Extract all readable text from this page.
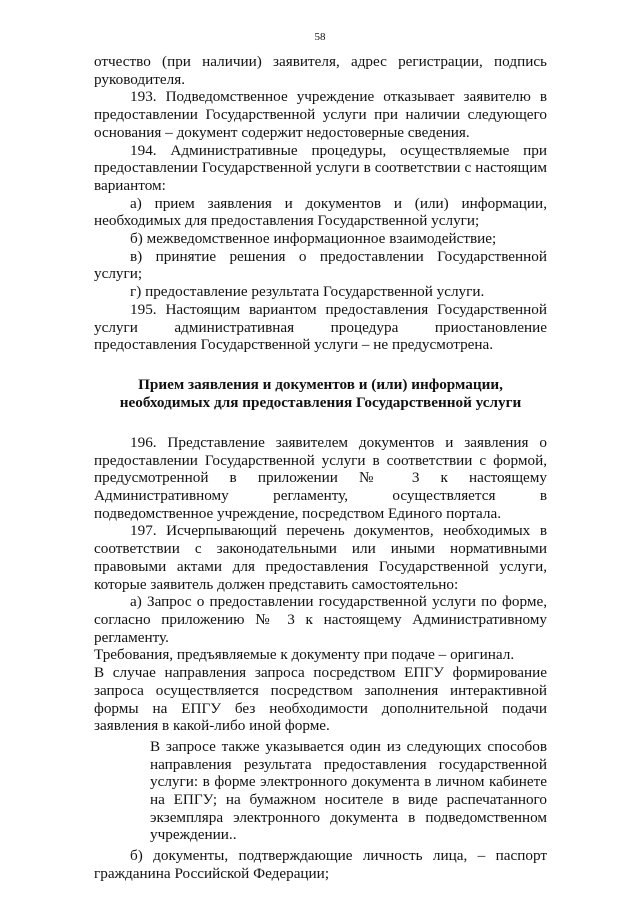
58

отчество (при наличии) заявителя, адрес регистрации, подпись руководителя.

193. Подведомственное учреждение отказывает заявителю в предоставлении Государственной услуги при наличии следующего основания – документ содержит недостоверные сведения.

194. Административные процедуры, осуществляемые при предоставлении Государственной услуги в соответствии с настоящим вариантом:

а) прием заявления и документов и (или) информации, необходимых для предоставления Государственной услуги;

б) межведомственное информационное взаимодействие;

в) принятие решения о предоставлении Государственной услуги;

г) предоставление результата Государственной услуги.

195. Настоящим вариантом предоставления Государственной услуги административная процедура приостановление предоставления Государственной услуги – не предусмотрена.

Прием заявления и документов и (или) информации,
необходимых для предоставления Государственной услуги

196. Представление заявителем документов и заявления о предоставлении Государственной услуги в соответствии с формой, предусмотренной в приложении № 3 к настоящему Административному регламенту, осуществляется в подведомственное учреждение, посредством Единого портала.

197. Исчерпывающий перечень документов, необходимых в соответствии с законодательными или иными нормативными правовыми актами для предоставления Государственной услуги, которые заявитель должен представить самостоятельно:

а) Запрос о предоставлении государственной услуги по форме, согласно приложению № 3 к настоящему Административному регламенту.

Требования, предъявляемые к документу при подаче – оригинал.

В случае направления запроса посредством ЕПГУ формирование запроса осуществляется посредством заполнения интерактивной формы на ЕПГУ без необходимости дополнительной подачи заявления в какой-либо иной форме.

В запросе также указывается один из следующих способов направления результата предоставления государственной услуги: в форме электронного документа в личном кабинете на ЕПГУ; на бумажном носителе в виде распечатанного экземпляра электронного документа в подведомственном учреждении..

б) документы, подтверждающие личность лица, – паспорт гражданина Российской Федерации;
